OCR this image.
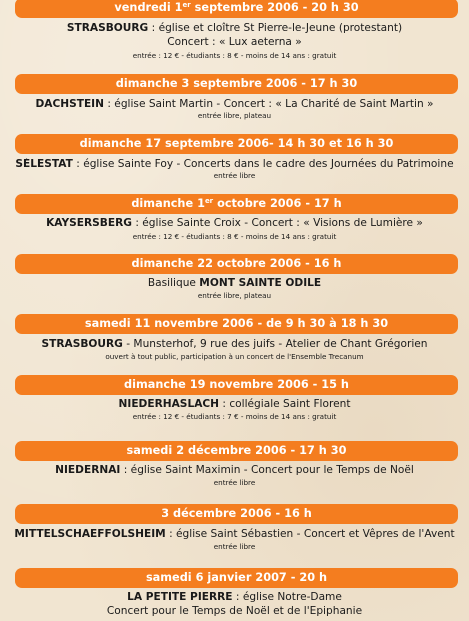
vendredi 1er septembre 2006 - 20 h 30
STRASBOURG : église et cloître St Pierre-le-Jeune (protestant)
Concert : « Lux aeterna »
entrée : 12 € - étudiants : 8 € - moins de 14 ans : gratuit
dimanche 3 septembre 2006 - 17 h 30
DACHSTEIN : église Saint Martin - Concert : « La Charité de Saint Martin »
entrée libre, plateau
dimanche 17 septembre 2006- 14 h 30 et 16 h 30
SÉLESTAT : église Sainte Foy - Concerts dans le cadre des Journées du Patrimoine
entrée libre
dimanche 1er octobre 2006 - 17 h
KAYSERSBERG : église Sainte Croix - Concert : « Visions de Lumière »
entrée : 12 € - étudiants : 8 € - moins de 14 ans : gratuit
dimanche 22 octobre 2006 - 16 h
Basilique MONT SAINTE ODILE
entrée libre, plateau
samedi 11 novembre 2006 - de 9 h 30 à 18 h 30
STRASBOURG - Munsterhof, 9 rue des juifs - Atelier de Chant Grégorien
ouvert à tout public, participation à un concert de l'Ensemble Trecanum
dimanche 19 novembre 2006 - 15 h
NIEDERHASLACH : collégiale Saint Florent
entrée : 12 € - étudiants : 7 € - moins de 14 ans : gratuit
samedi 2 décembre 2006 - 17 h 30
NIEDERNAI : église Saint Maximin - Concert pour le Temps de Noël
entrée libre
3 décembre 2006 - 16 h
MITTELSCHAEFFOLSHEIM : église Saint Sébastien - Concert et Vêpres de l'Avent
entrée libre
samedi 6 janvier 2007 - 20 h
LA PETITE PIERRE : église Notre-Dame
Concert pour le Temps de Noël et de l'Epiphanie
